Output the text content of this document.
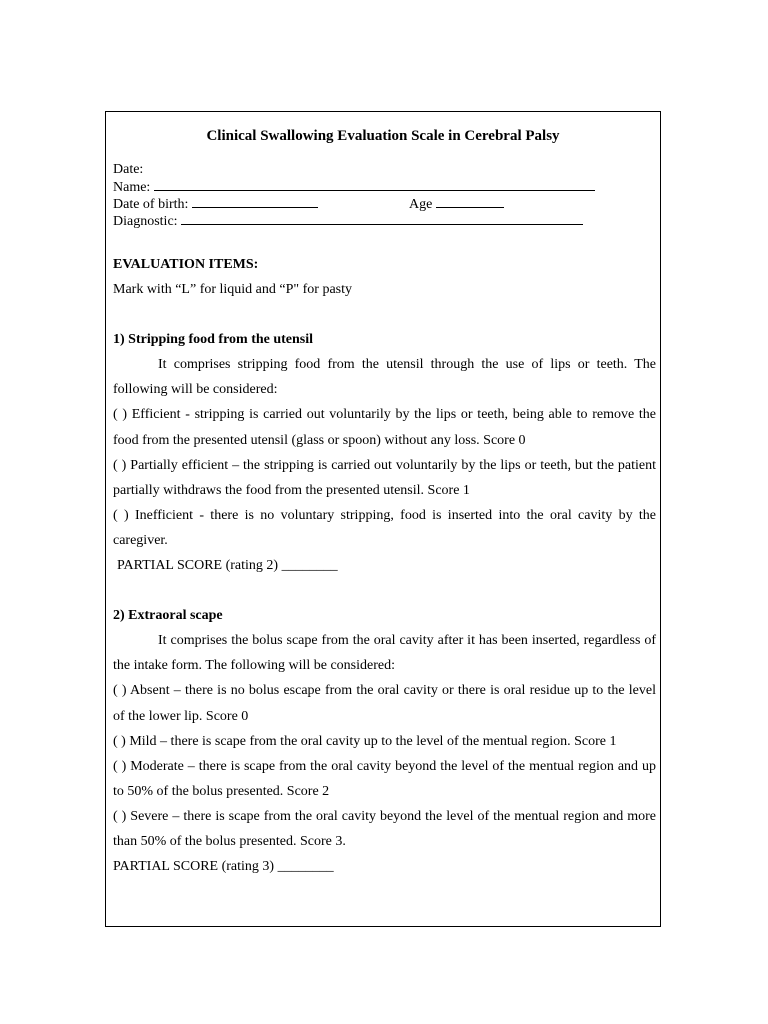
Clinical Swallowing Evaluation Scale in Cerebral Palsy
Date:
Name:
Date of birth:	Age
Diagnostic:

EVALUATION ITEMS:

Mark with “L” for liquid and “P" for pasty

1) Stripping food from the utensil

It comprises stripping food from the utensil through the use of lips or teeth. The following will be considered:

( ) Efficient - stripping is carried out voluntarily by the lips or teeth, being able to remove the food from the presented utensil (glass or spoon) without any loss. Score 0

( ) Partially efficient – the stripping is carried out voluntarily by the lips or teeth, but the patient partially withdraws the food from the presented utensil. Score 1

( ) Inefficient - there is no voluntary stripping, food is inserted into the oral cavity by the caregiver.

PARTIAL SCORE (rating 2) ________

2) Extraoral scape

It comprises the bolus scape from the oral cavity after it has been inserted, regardless of the intake form. The following will be considered:

( ) Absent – there is no bolus escape from the oral cavity or there is oral residue up to the level of the lower lip. Score 0

( ) Mild – there is scape from the oral cavity up to the level of the mentual region. Score 1

( ) Moderate – there is scape from the oral cavity beyond the level of the mentual region and up to 50% of the bolus presented. Score 2

( ) Severe – there is scape from the oral cavity beyond the level of the mentual region and more than 50% of the bolus presented. Score 3.

PARTIAL SCORE (rating 3) ________
